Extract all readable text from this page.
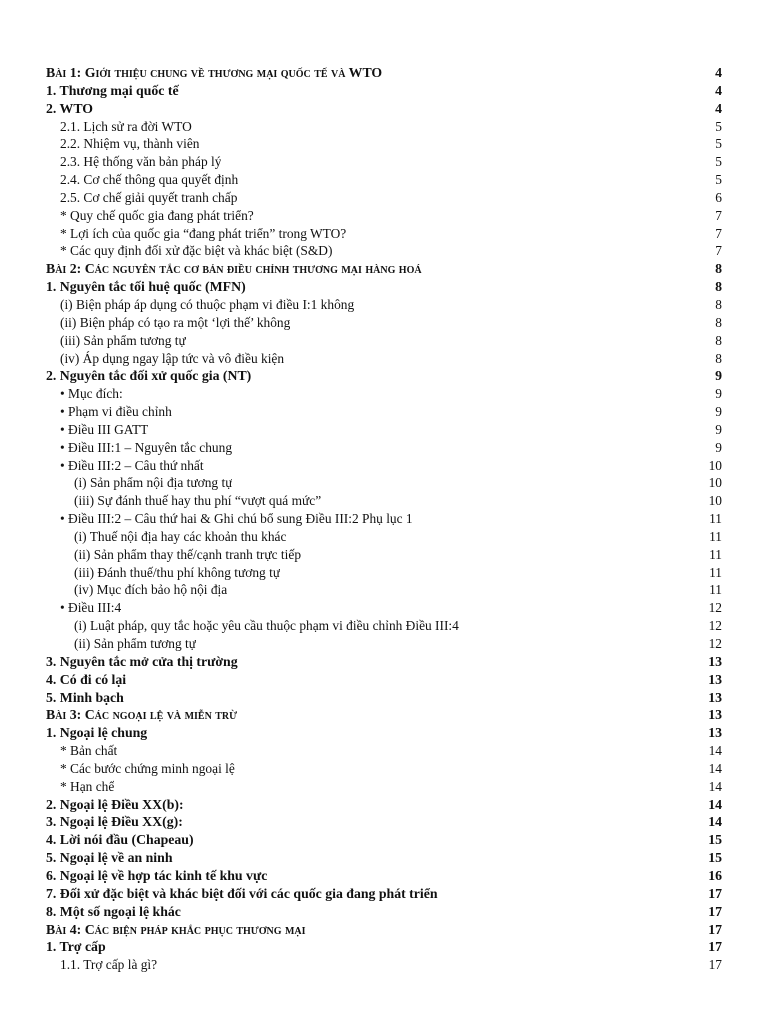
Bài 1: Giới thiệu chung về thương mại quốc tế và WTO	4
1. Thương mại quốc tế	4
2. WTO	4
2.1. Lịch sử ra đời WTO	5
2.2. Nhiệm vụ, thành viên	5
2.3. Hệ thống văn bản pháp lý	5
2.4. Cơ chế thông qua quyết định	5
2.5. Cơ chế giải quyết tranh chấp	6
* Quy chế quốc gia đang phát triển?	7
* Lợi ích của quốc gia “đang phát triển” trong WTO?	7
* Các quy định đối xử đặc biệt và khác biệt (S&D)	7
Bài 2: Các nguyên tắc cơ bản điều chỉnh thương mại hàng hoá	8
1. Nguyên tắc tối huệ quốc (MFN)	8
(i) Biện pháp áp dụng có thuộc phạm vi điều I:1 không	8
(ii) Biện pháp có tạo ra một ‘lợi thế’ không	8
(iii) Sản phẩm tương tự	8
(iv) Áp dụng ngay lập tức và vô điều kiện	8
2. Nguyên tắc đối xử quốc gia (NT)	9
• Mục đích:	9
• Phạm vi điều chỉnh	9
• Điều III GATT	9
• Điều III:1 – Nguyên tắc chung	9
• Điều III:2 – Câu thứ nhất	10
(i) Sản phẩm nội địa tương tự	10
(iii) Sự đánh thuế hay thu phí “vượt quá mức”	10
• Điều III:2 – Câu thứ hai & Ghi chú bổ sung Điều III:2 Phụ lục 1	11
(i) Thuế nội địa hay các khoản thu khác	11
(ii) Sản phẩm thay thế/cạnh tranh trực tiếp	11
(iii) Đánh thuế/thu phí không tương tự	11
(iv) Mục đích bảo hộ nội địa	11
• Điều III:4	12
(i) Luật pháp, quy tắc hoặc yêu cầu thuộc phạm vi điều chỉnh Điều III:4	12
(ii) Sản phẩm tương tự	12
3. Nguyên tắc mở cửa thị trường	13
4. Có đi có lại	13
5. Minh bạch	13
Bài 3: Các ngoại lệ và miễn trừ	13
1. Ngoại lệ chung	13
* Bản chất	14
* Các bước chứng minh ngoại lệ	14
* Hạn chế	14
2. Ngoại lệ Điều XX(b):	14
3. Ngoại lệ Điều XX(g):	14
4. Lời nói đầu (Chapeau)	15
5. Ngoại lệ về an ninh	15
6. Ngoại lệ về hợp tác kinh tế khu vực	16
7. Đối xử đặc biệt và khác biệt đối với các quốc gia đang phát triển	17
8. Một số ngoại lệ khác	17
Bài 4: Các biện pháp khắc phục thương mại	17
1. Trợ cấp	17
1.1. Trợ cấp là gì?	17
